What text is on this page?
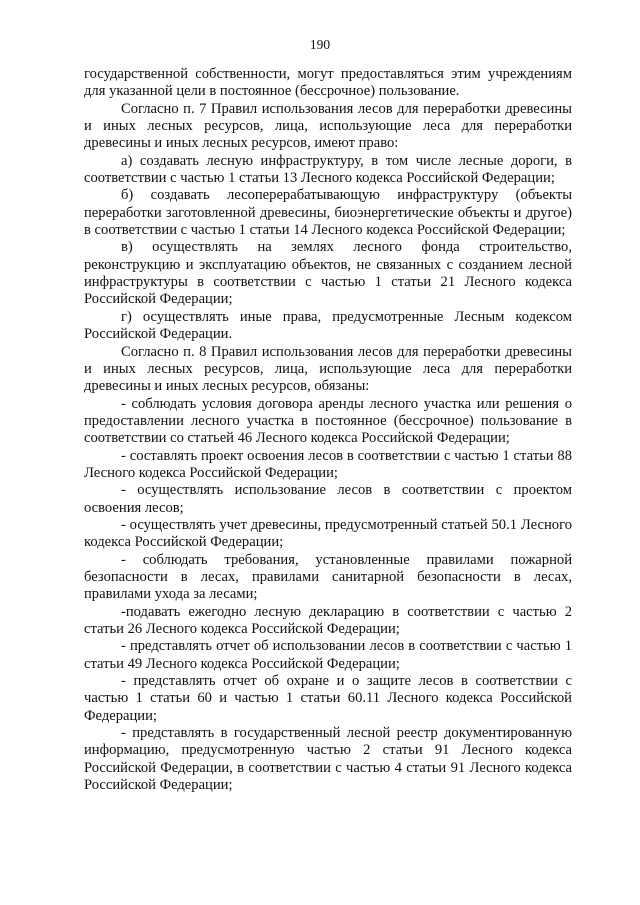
190

государственной собственности, могут предоставляться этим учреждениям для указанной цели в постоянное (бессрочное) пользование.

Согласно п. 7 Правил использования лесов для переработки древесины и иных лесных ресурсов, лица, использующие леса для переработки древесины и иных лесных ресурсов, имеют право:

а) создавать лесную инфраструктуру, в том числе лесные дороги, в соответствии с частью 1 статьи 13 Лесного кодекса Российской Федерации;

б) создавать лесоперерабатывающую инфраструктуру (объекты переработки заготовленной древесины, биоэнергетические объекты и другое) в соответствии с частью 1 статьи 14 Лесного кодекса Российской Федерации;

в) осуществлять на землях лесного фонда строительство, реконструкцию и эксплуатацию объектов, не связанных с созданием лесной инфраструктуры в соответствии с частью 1 статьи 21 Лесного кодекса Российской Федерации;

г) осуществлять иные права, предусмотренные Лесным кодексом Российской Федерации.

Согласно п. 8 Правил использования лесов для переработки древесины и иных лесных ресурсов, лица, использующие леса для переработки древесины и иных лесных ресурсов, обязаны:

- соблюдать условия договора аренды лесного участка или решения о предоставлении лесного участка в постоянное (бессрочное) пользование в соответствии со статьей 46 Лесного кодекса Российской Федерации;

- составлять проект освоения лесов в соответствии с частью 1 статьи 88 Лесного кодекса Российской Федерации;

- осуществлять использование лесов в соответствии с проектом освоения лесов;

- осуществлять учет древесины, предусмотренный статьей 50.1 Лесного кодекса Российской Федерации;

- соблюдать требования, установленные правилами пожарной безопасности в лесах, правилами санитарной безопасности в лесах, правилами ухода за лесами;

-подавать ежегодно лесную декларацию в соответствии с частью 2 статьи 26 Лесного кодекса Российской Федерации;

- представлять отчет об использовании лесов в соответствии с частью 1 статьи 49 Лесного кодекса Российской Федерации;

- представлять отчет об охране и о защите лесов в соответствии с частью 1 статьи 60 и частью 1 статьи 60.11 Лесного кодекса Российской Федерации;

- представлять в государственный лесной реестр документированную информацию, предусмотренную частью 2 статьи 91 Лесного кодекса Российской Федерации, в соответствии с частью 4 статьи 91 Лесного кодекса Российской Федерации;
